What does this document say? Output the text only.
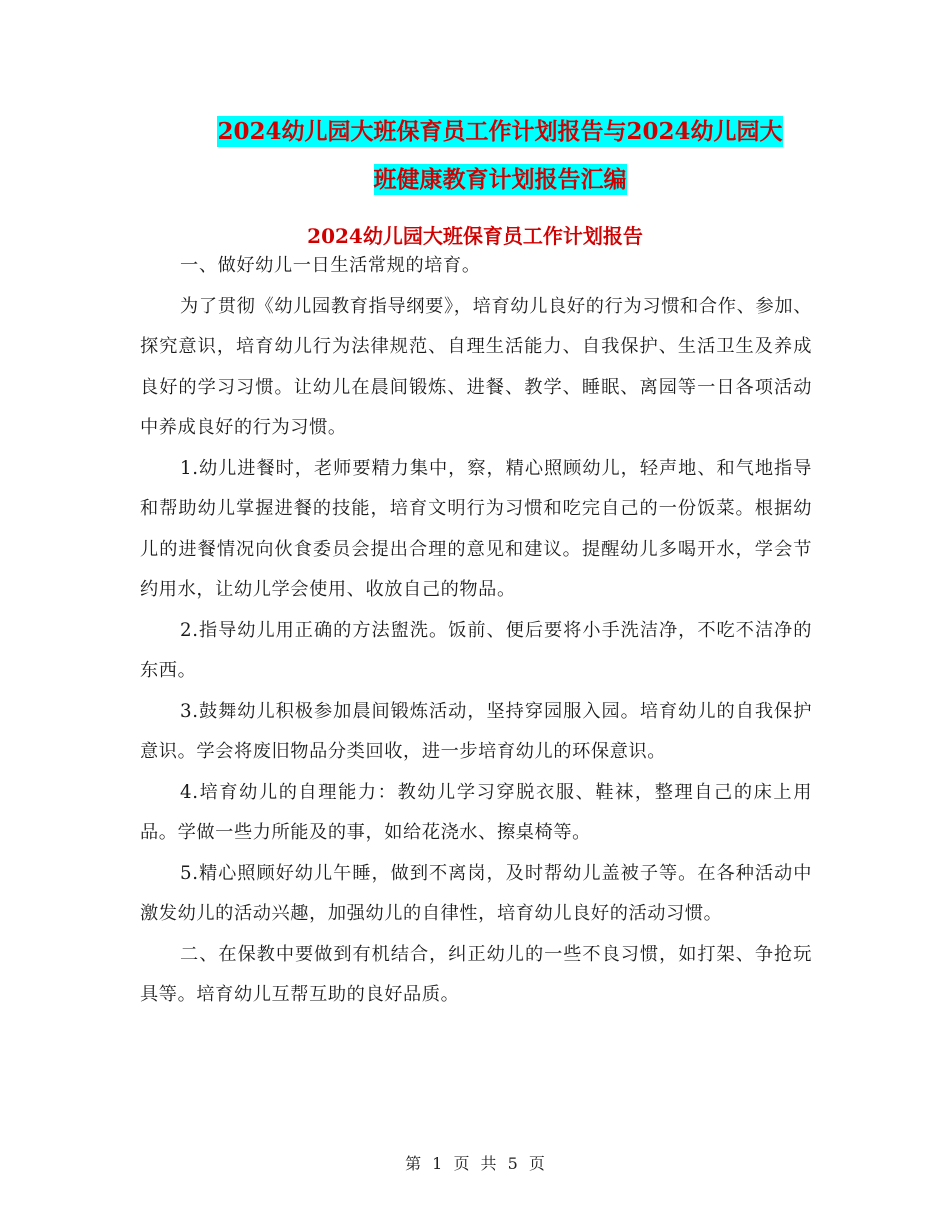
2024幼儿园大班保育员工作计划报告与2024幼儿园大
班健康教育计划报告汇编
2024幼儿园大班保育员工作计划报告

一、做好幼儿一日生活常规的培育。

为了贯彻《幼儿园教育指导纲要》，培育幼儿良好的行为习惯和合作、参加、探究意识，培育幼儿行为法律规范、自理生活能力、自我保护、生活卫生及养成良好的学习习惯。让幼儿在晨间锻炼、进餐、教学、睡眠、离园等一日各项活动中养成良好的行为习惯。

1.幼儿进餐时，老师要精力集中，察，精心照顾幼儿，轻声地、和气地指导和帮助幼儿掌握进餐的技能，培育文明行为习惯和吃完自己的一份饭菜。根据幼儿的进餐情况向伙食委员会提出合理的意见和建议。提醒幼儿多喝开水，学会节约用水，让幼儿学会使用、收放自己的物品。

2.指导幼儿用正确的方法盥洗。饭前、便后要将小手洗洁净，不吃不洁净的东西。

3.鼓舞幼儿积极参加晨间锻炼活动，坚持穿园服入园。培育幼儿的自我保护意识。学会将废旧物品分类回收，进一步培育幼儿的环保意识。

4.培育幼儿的自理能力：教幼儿学习穿脱衣服、鞋袜，整理自己的床上用品。学做一些力所能及的事，如给花浇水、擦桌椅等。

5.精心照顾好幼儿午睡，做到不离岗，及时帮幼儿盖被子等。在各种活动中激发幼儿的活动兴趣，加强幼儿的自律性，培育幼儿良好的活动习惯。

二、在保教中要做到有机结合，纠正幼儿的一些不良习惯，如打架、争抢玩具等。培育幼儿互帮互助的良好品质。

第 1 页 共 5 页
